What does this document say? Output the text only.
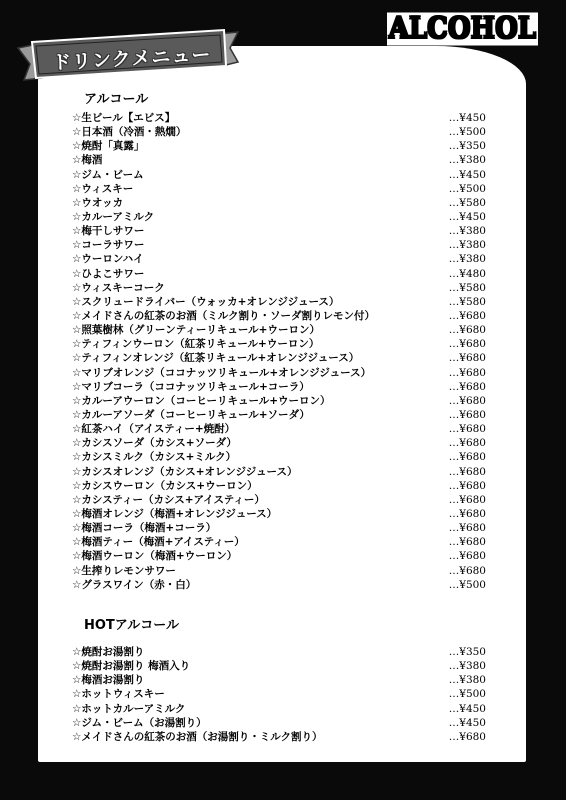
ALCOHOL
ドリンクメニュー
アルコール
☆生ビール【エビス】	…¥450
☆日本酒（冷酒・熱燗）	…¥500
☆焼酎「真露」	…¥350
☆梅酒	…¥380
☆ジム・ビーム	…¥450
☆ウィスキー	…¥500
☆ウオッカ	…¥580
☆カルーアミルク	…¥450
☆梅干しサワー	…¥380
☆コーラサワー	…¥380
☆ウーロンハイ	…¥380
☆ひよこサワー	…¥480
☆ウィスキーコーク	…¥580
☆スクリュードライバー（ウォッカ+オレンジジュース）	…¥580
☆メイドさんの紅茶のお酒（ミルク割り・ソーダ割りレモン付）	…¥680
☆照葉樹林（グリーンティーリキュール+ウーロン）	…¥680
☆ティフィンウーロン（紅茶リキュール+ウーロン）	…¥680
☆ティフィンオレンジ（紅茶リキュール+オレンジジュース）	…¥680
☆マリブオレンジ（ココナッツリキュール+オレンジジュース）	…¥680
☆マリブコーラ（ココナッツリキュール+コーラ）	…¥680
☆カルーアウーロン（コーヒーリキュール+ウーロン）	…¥680
☆カルーアソーダ（コーヒーリキュール+ソーダ）	…¥680
☆紅茶ハイ（アイスティー+焼酎）	…¥680
☆カシスソーダ（カシス+ソーダ）	…¥680
☆カシスミルク（カシス+ミルク）	…¥680
☆カシスオレンジ（カシス+オレンジジュース）	…¥680
☆カシスウーロン（カシス+ウーロン）	…¥680
☆カシスティー（カシス+アイスティー）	…¥680
☆梅酒オレンジ（梅酒+オレンジジュース）	…¥680
☆梅酒コーラ（梅酒+コーラ）	…¥680
☆梅酒ティー（梅酒+アイスティー）	…¥680
☆梅酒ウーロン（梅酒+ウーロン）	…¥680
☆生搾りレモンサワー	…¥680
☆グラスワイン（赤・白）	…¥500
HOTアルコール
☆焼酎お湯割り	…¥350
☆焼酎お湯割り 梅酒入り	…¥380
☆梅酒お湯割り	…¥380
☆ホットウィスキー	…¥500
☆ホットカルーアミルク	…¥450
☆ジム・ビーム（お湯割り）	…¥450
☆メイドさんの紅茶のお酒（お湯割り・ミルク割り）	…¥680
